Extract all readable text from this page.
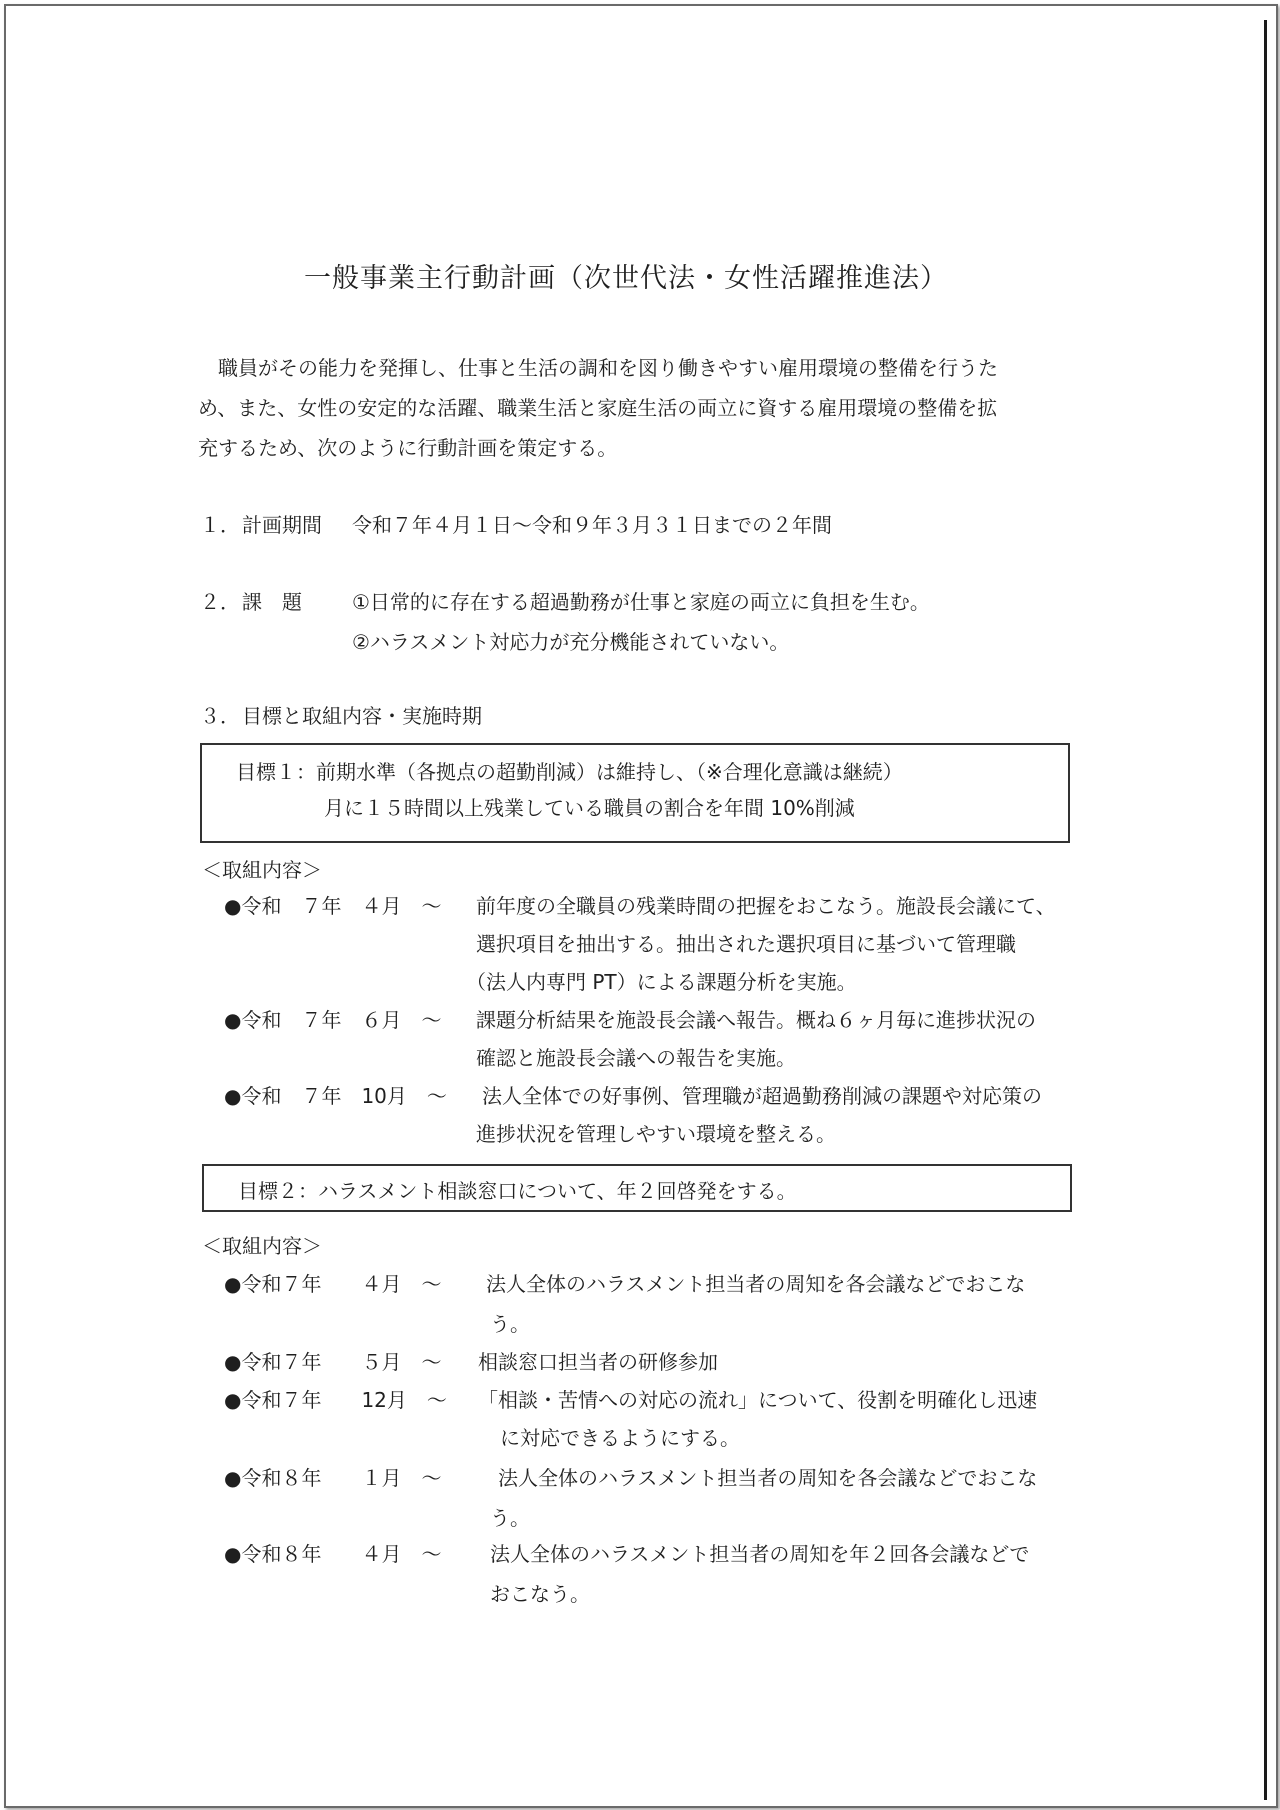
一般事業主行動計画（次世代法・女性活躍推進法）
職員がその能力を発揮し、仕事と生活の調和を図り働きやすい雇用環境の整備を行うた
め、また、女性の安定的な活躍、職業生活と家庭生活の両立に資する雇用環境の整備を拡
充するため、次のように行動計画を策定する。
１． 計画期間 令和７年４月１日～令和９年３月３１日までの２年間
２． 課　題	①日常的に存在する超過勤務が仕事と家庭の両立に負担を生む。
②ハラスメント対応力が充分機能されていない。
３． 目標と取組内容・実施時期
目標１：前期水準（各拠点の超勤削減）は維持し、（※合理化意識は継続）
月に１５時間以上残業している職員の割合を年間 10%削減
＜取組内容＞
●令和　７年　４月　～ 前年度の全職員の残業時間の把握をおこなう。施設長会議にて、
選択項目を抽出する。抽出された選択項目に基づいて管理職
（法人内専門 PT）による課題分析を実施。
●令和　７年　６月　～ 課題分析結果を施設長会議へ報告。概ね６ヶ月毎に進捗状況の
確認と施設長会議への報告を実施。
●令和　７年　10月　～ 法人全体での好事例、管理職が超過勤務削減の課題や対応策の
進捗状況を管理しやすい環境を整える。
目標２：ハラスメント相談窓口について、年２回啓発をする。
＜取組内容＞
●令和７年　　４月　～ 法人全体のハラスメント担当者の周知を各会議などでおこな
う。
●令和７年　　５月　～ 相談窓口担当者の研修参加
●令和７年　　12月　～ 「相談・苦情への対応の流れ」について、役割を明確化し迅速
に対応できるようにする。
●令和８年　　１月　～	法人全体のハラスメント担当者の周知を各会議などでおこな
う。
●令和８年　　４月　～ 法人全体のハラスメント担当者の周知を年２回各会議などで
おこなう。
